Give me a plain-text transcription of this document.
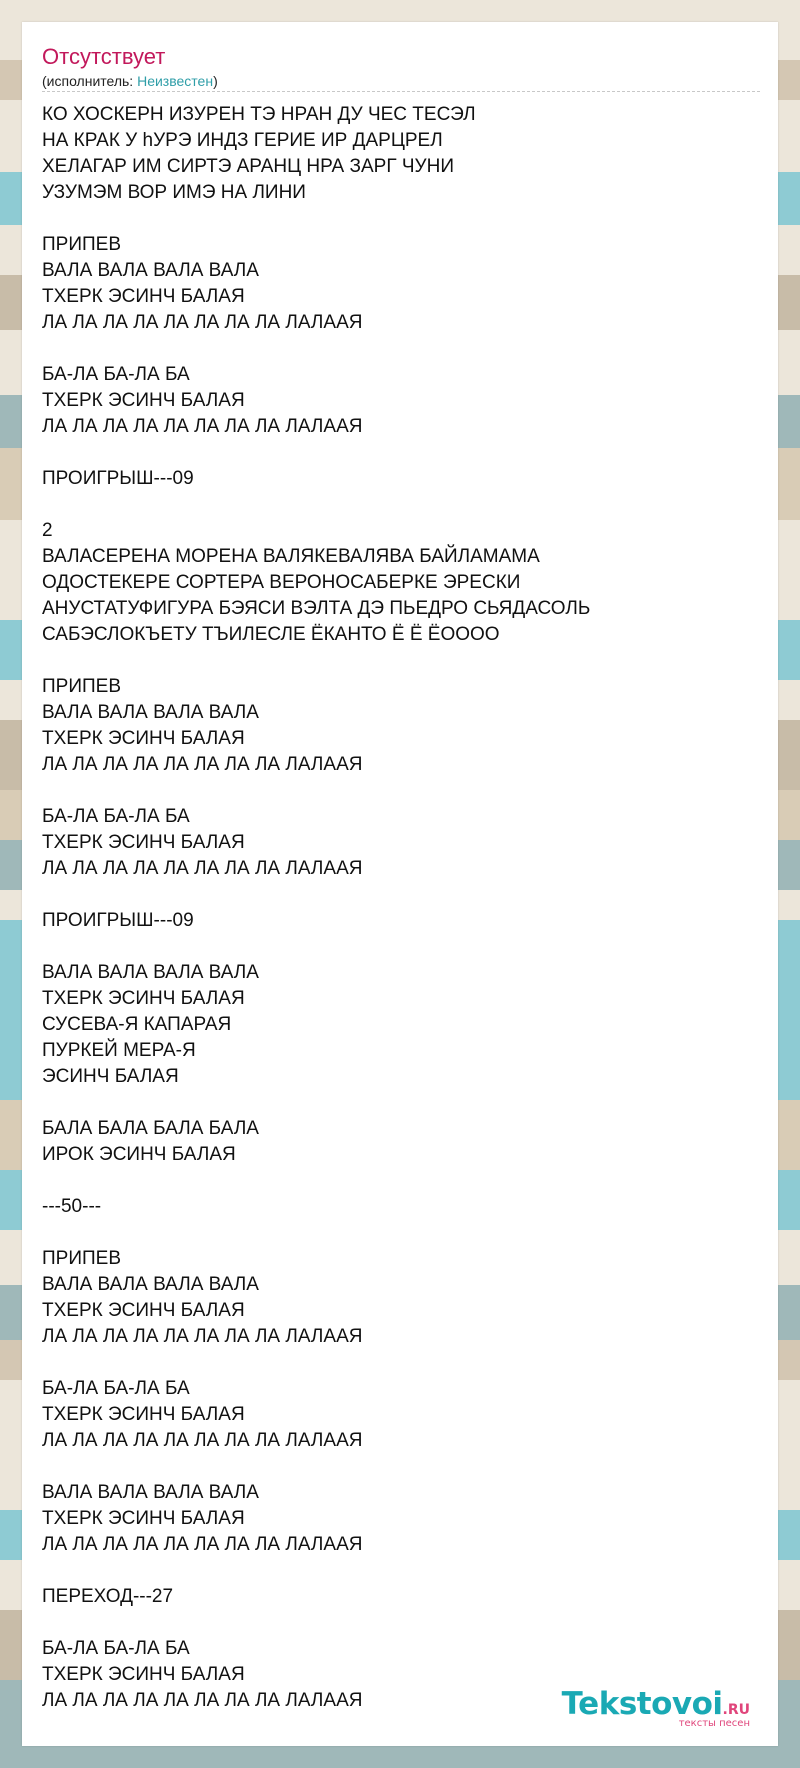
Отсутствует
(исполнитель: Неизвестен)
КО ХОСКЕРН ИЗУРЕН ТЭ НРАН ДУ ЧЕС ТЕСЭЛ
НА КРАК У hУРЭ ИНДЗ ГЕРИЕ ИР ДАРЦРЕЛ
ХЕЛАГАР ИМ СИРТЭ АРАНЦ НРА ЗАРГ ЧУНИ
УЗУМЭМ ВОР ИМЭ НА ЛИНИ

ПРИПЕВ
ВАЛА ВАЛА ВАЛА ВАЛА
ТХЕРК ЭСИНЧ БАЛАЯ
ЛА ЛА ЛА ЛА ЛА ЛА ЛА ЛА ЛАЛААЯ

БА-ЛА БА-ЛА БА
ТХЕРК ЭСИНЧ БАЛАЯ
ЛА ЛА ЛА ЛА ЛА ЛА ЛА ЛА ЛАЛААЯ

ПРОИГРЫШ---09

2
ВАЛАСЕРЕНА МОРЕНА ВАЛЯКЕВАЛЯВА БАЙЛАМАМА
ОДОСТЕКЕРЕ СОРТЕРА ВЕРОНОСАБЕРКЕ ЭРЕСКИ
АНУСТАТУФИГУРА БЭЯСИ ВЭЛТА ДЭ ПЬЕДРО СЬЯДАСОЛЬ
САБЭСЛОКЪЕТУ ТЪИЛЕСЛЕ ЁКАНТО Ё Ё ЁОООО

ПРИПЕВ
ВАЛА ВАЛА ВАЛА ВАЛА
ТХЕРК ЭСИНЧ БАЛАЯ
ЛА ЛА ЛА ЛА ЛА ЛА ЛА ЛА ЛАЛААЯ

БА-ЛА БА-ЛА БА
ТХЕРК ЭСИНЧ БАЛАЯ
ЛА ЛА ЛА ЛА ЛА ЛА ЛА ЛА ЛАЛААЯ

ПРОИГРЫШ---09

ВАЛА ВАЛА ВАЛА ВАЛА
ТХЕРК ЭСИНЧ БАЛАЯ
СУСЕВА-Я КАПАРАЯ
ПУРКЕЙ МЕРА-Я
ЭСИНЧ БАЛАЯ

БАЛА БАЛА БАЛА БАЛА
ИРОК ЭСИНЧ БАЛАЯ

---50---

ПРИПЕВ
ВАЛА ВАЛА ВАЛА ВАЛА
ТХЕРК ЭСИНЧ БАЛАЯ
ЛА ЛА ЛА ЛА ЛА ЛА ЛА ЛА ЛАЛААЯ

БА-ЛА БА-ЛА БА
ТХЕРК ЭСИНЧ БАЛАЯ
ЛА ЛА ЛА ЛА ЛА ЛА ЛА ЛА ЛАЛААЯ

ВАЛА ВАЛА ВАЛА ВАЛА
ТХЕРК ЭСИНЧ БАЛАЯ
ЛА ЛА ЛА ЛА ЛА ЛА ЛА ЛА ЛАЛААЯ

ПЕРЕХОД---27

БА-ЛА БА-ЛА БА
ТХЕРК ЭСИНЧ БАЛАЯ
ЛА ЛА ЛА ЛА ЛА ЛА ЛА ЛА ЛАЛААЯ	Tekstovoi.RU
тексты песен
